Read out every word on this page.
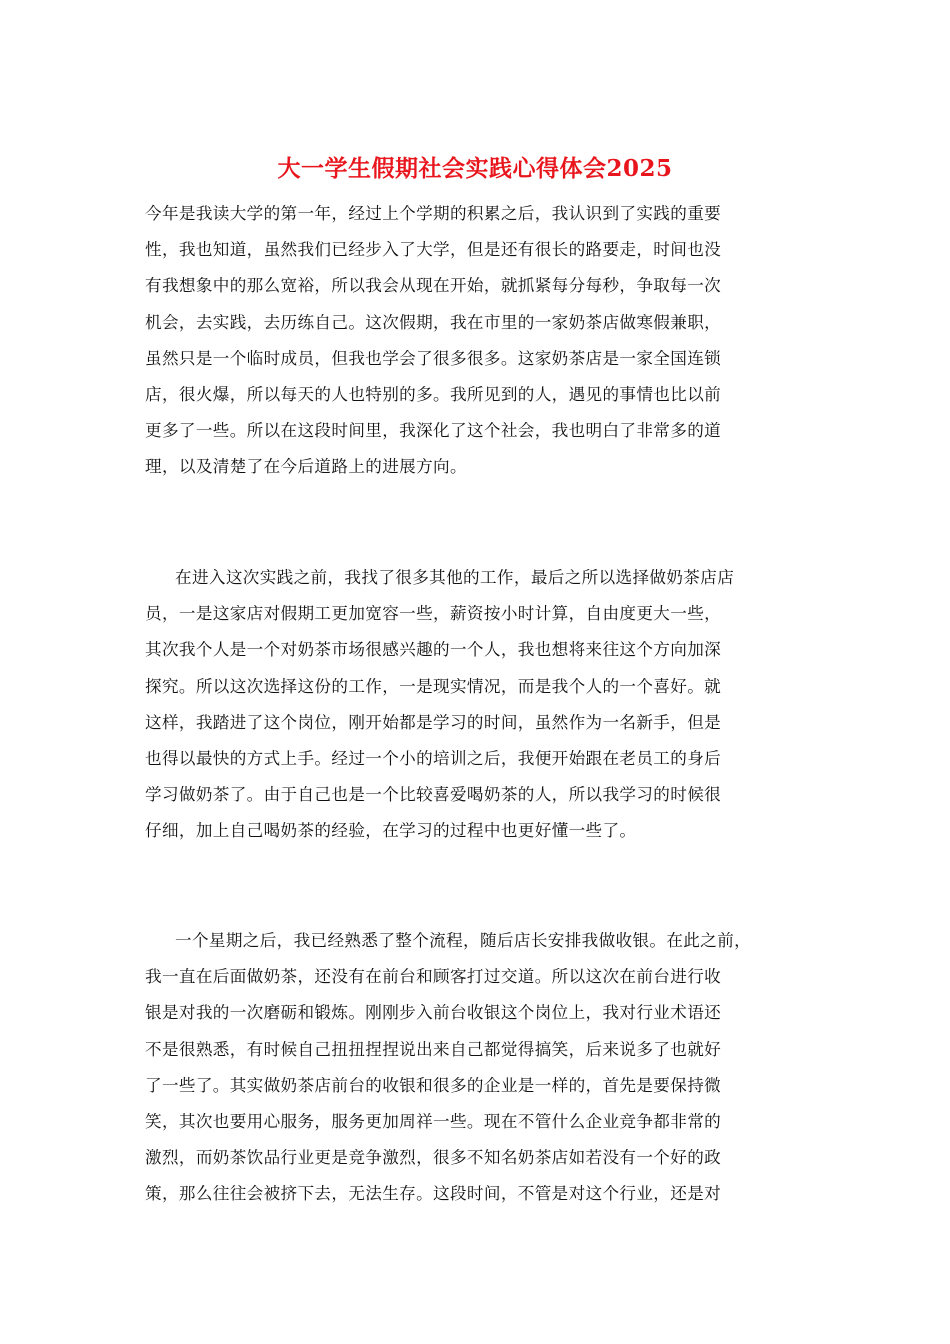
大一学生假期社会实践心得体会2025
今年是我读大学的第一年，经过上个学期的积累之后，我认识到了实践的重要
性，我也知道，虽然我们已经步入了大学，但是还有很长的路要走，时间也没
有我想象中的那么宽裕，所以我会从现在开始，就抓紧每分每秒，争取每一次
机会，去实践，去历练自己。这次假期，我在市里的一家奶茶店做寒假兼职，
虽然只是一个临时成员，但我也学会了很多很多。这家奶茶店是一家全国连锁
店，很火爆，所以每天的人也特别的多。我所见到的人，遇见的事情也比以前
更多了一些。所以在这段时间里，我深化了这个社会，我也明白了非常多的道
理，以及清楚了在今后道路上的进展方向。
在进入这次实践之前，我找了很多其他的工作，最后之所以选择做奶茶店店
员，一是这家店对假期工更加宽容一些，薪资按小时计算，自由度更大一些，
其次我个人是一个对奶茶市场很感兴趣的一个人，我也想将来往这个方向加深
探究。所以这次选择这份的工作，一是现实情况，而是我个人的一个喜好。就
这样，我踏进了这个岗位，刚开始都是学习的时间，虽然作为一名新手，但是
也得以最快的方式上手。经过一个小的培训之后，我便开始跟在老员工的身后
学习做奶茶了。由于自己也是一个比较喜爱喝奶茶的人，所以我学习的时候很
仔细，加上自己喝奶茶的经验，在学习的过程中也更好懂一些了。
一个星期之后，我已经熟悉了整个流程，随后店长安排我做收银。在此之前，
我一直在后面做奶茶，还没有在前台和顾客打过交道。所以这次在前台进行收
银是对我的一次磨砺和锻炼。刚刚步入前台收银这个岗位上，我对行业术语还
不是很熟悉，有时候自己扭扭捏捏说出来自己都觉得搞笑，后来说多了也就好
了一些了。其实做奶茶店前台的收银和很多的企业是一样的，首先是要保持微
笑，其次也要用心服务，服务更加周祥一些。现在不管什么企业竞争都非常的
激烈，而奶茶饮品行业更是竞争激烈，很多不知名奶茶店如若没有一个好的政
策，那么往往会被挤下去，无法生存。这段时间，不管是对这个行业，还是对
